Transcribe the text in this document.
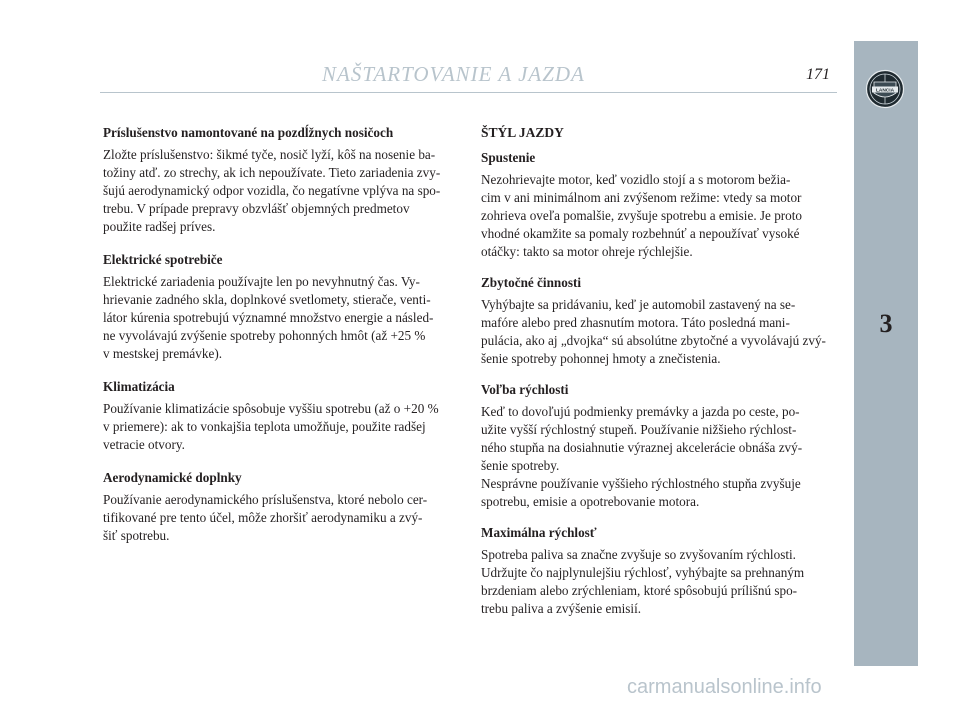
NAŠTARTOVANIE A JAZDA	171
LANCIA
3
Príslušenstvo namontované na pozdĺžnych nosičoch
Zložte príslušenstvo: šikmé tyče, nosič lyží, kôš na nosenie ba-
tožiny atď. zo strechy, ak ich nepoužívate. Tieto zariadenia zvy-
šujú aerodynamický odpor vozidla, čo negatívne vplýva na spo-
trebu. V prípade prepravy obzvlášť objemných predmetov
použite radšej príves.
Elektrické spotrebiče
Elektrické zariadenia používajte len po nevyhnutný čas. Vy-
hrievanie zadného skla, doplnkové svetlomety, stierače, venti-
látor kúrenia spotrebujú významné množstvo energie a násled-
ne vyvolávajú zvýšenie spotreby pohonných hmôt (až +25 %
v mestskej premávke).
Klimatizácia
Používanie klimatizácie spôsobuje vyššiu spotrebu (až o +20 %
v priemere): ak to vonkajšia teplota umožňuje, použite radšej
vetracie otvory.
Aerodynamické doplnky
Používanie aerodynamického príslušenstva, ktoré nebolo cer-
tifikované pre tento účel, môže zhoršiť aerodynamiku a zvý-
šiť spotrebu.
ŠTÝL JAZDY
Spustenie
Nezohrievajte motor, keď vozidlo stojí a s motorom bežia-
cim v ani minimálnom ani zvýšenom režime: vtedy sa motor
zohrieva oveľa pomalšie, zvyšuje spotrebu a emisie. Je proto
vhodné okamžite sa pomaly rozbehnúť a nepoužívať vysoké
otáčky: takto sa motor ohreje rýchlejšie.
Zbytočné činnosti
Vyhýbajte sa pridávaniu, keď je automobil zastavený na se-
mafóre alebo pred zhasnutím motora. Táto posledná mani-
pulácia, ako aj „dvojka“ sú absolútne zbytočné a vyvolávajú zvý-
šenie spotreby pohonnej hmoty a znečistenia.
Voľba rýchlosti
Keď to dovoľujú podmienky premávky a jazda po ceste, po-
užite vyšší rýchlostný stupeň. Používanie nižšieho rýchlost-
ného stupňa na dosiahnutie výraznej akcelerácie obnáša zvý-
šenie spotreby.
Nesprávne používanie vyššieho rýchlostného stupňa zvyšuje
spotrebu, emisie a opotrebovanie motora.
Maximálna rýchlosť
Spotreba paliva sa značne zvyšuje so zvyšovaním rýchlosti.
Udržujte čo najplynulejšiu rýchlosť, vyhýbajte sa prehnaným
brzdeniam alebo zrýchleniam, ktoré spôsobujú prílišnú spo-
trebu paliva a zvýšenie emisií.
carmanualsonline.info
